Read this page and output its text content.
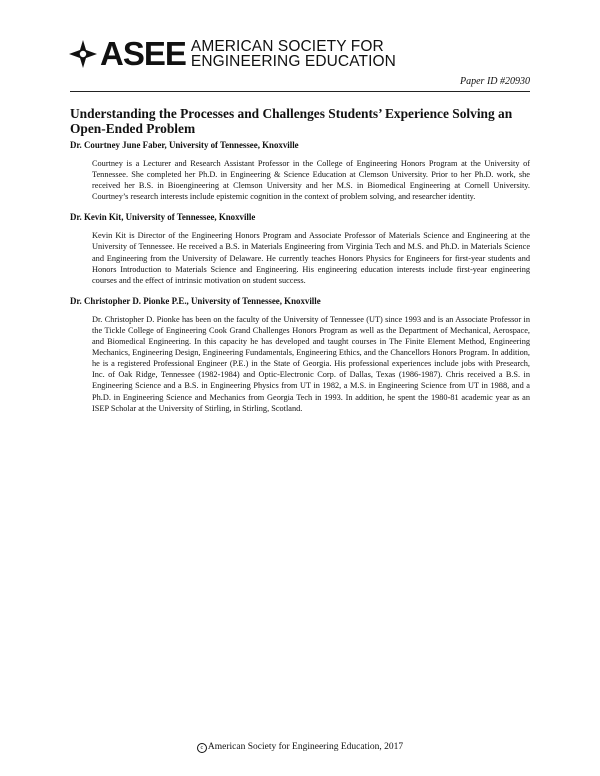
ASEE AMERICAN SOCIETY FOR
ENGINEERING EDUCATION
Paper ID #20930
Understanding the Processes and Challenges Students’ Experience Solving an Open-Ended Problem

Dr. Courtney June Faber, University of Tennessee, Knoxville

Courtney is a Lecturer and Research Assistant Professor in the College of Engineering Honors Program at the University of Tennessee. She completed her Ph.D. in Engineering & Science Education at Clemson University. Prior to her Ph.D. work, she received her B.S. in Bioengineering at Clemson University and her M.S. in Biomedical Engineering at Cornell University. Courtney’s research interests include epistemic cognition in the context of problem solving, and researcher identity.

Dr. Kevin Kit, University of Tennessee, Knoxville

Kevin Kit is Director of the Engineering Honors Program and Associate Professor of Materials Science and Engineering at the University of Tennessee. He received a B.S. in Materials Engineering from Virginia Tech and M.S. and Ph.D. in Materials Science and Engineering from the University of Delaware. He currently teaches Honors Physics for Engineers for first-year students and Honors Introduction to Materials Science and Engineering. His engineering education interests include first-year engineering courses and the effect of intrinsic motivation on student success.

Dr. Christopher D. Pionke P.E., University of Tennessee, Knoxville

Dr. Christopher D. Pionke has been on the faculty of the University of Tennessee (UT) since 1993 and is an Associate Professor in the Tickle College of Engineering Cook Grand Challenges Honors Program as well as the Department of Mechanical, Aerospace, and Biomedical Engineering. In this capacity he has developed and taught courses in The Finite Element Method, Engineering Mechanics, Engineering Design, Engineering Fundamentals, Engineering Ethics, and the Chancellors Honors Program. In addition, he is a registered Professional Engineer (P.E.) in the State of Georgia. His professional experiences include jobs with Presearch, Inc. of Oak Ridge, Tennessee (1982-1984) and Optic-Electronic Corp. of Dallas, Texas (1986-1987). Chris received a B.S. in Engineering Science and a B.S. in Engineering Physics from UT in 1982, a M.S. in Engineering Science from UT in 1988, and a Ph.D. in Engineering Science and Mechanics from Georgia Tech in 1993. In addition, he spent the 1980-81 academic year as an ISEP Scholar at the University of Stirling, in Stirling, Scotland.

c American Society for Engineering Education, 2017
